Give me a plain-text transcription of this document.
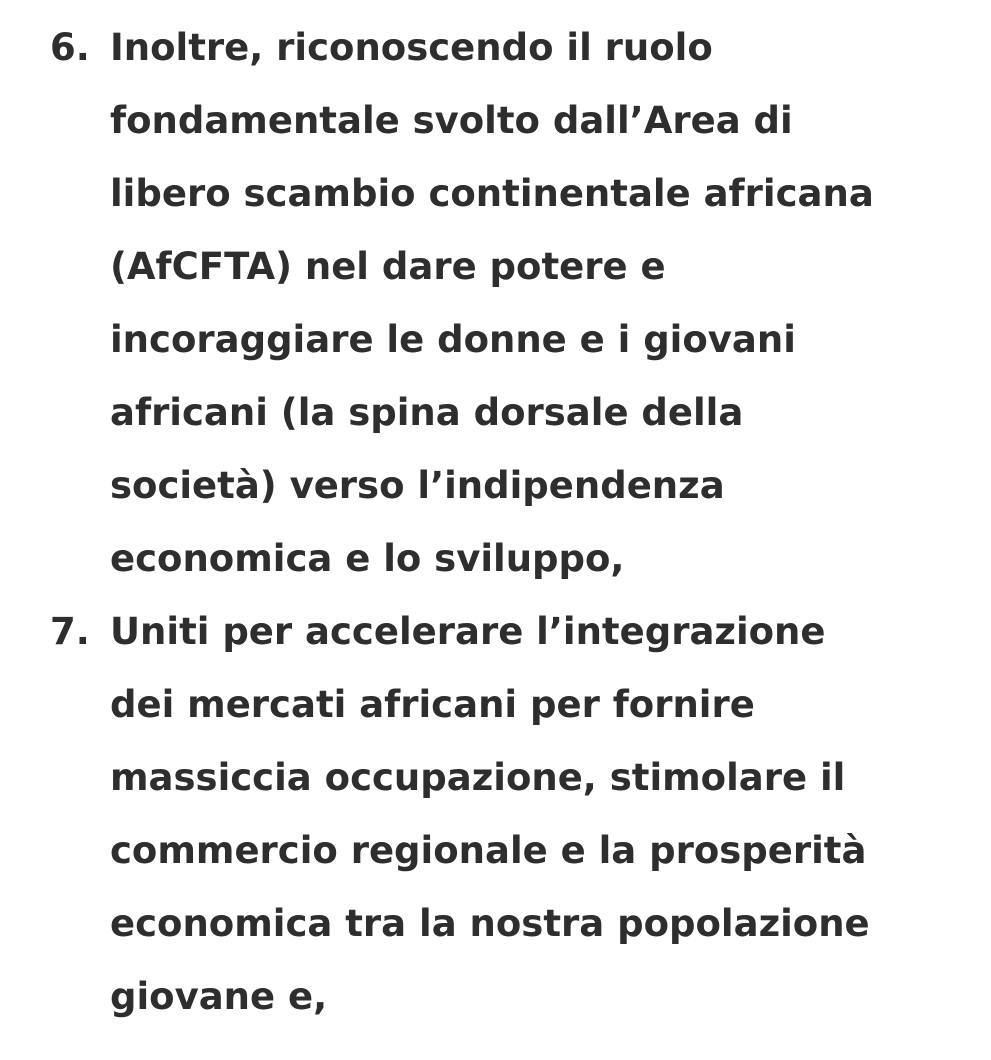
6. Inoltre, riconoscendo il ruolo
fondamentale svolto dall’Area di
libero scambio continentale africana
(AfCFTA) nel dare potere e
incoraggiare le donne e i giovani
africani (la spina dorsale della
società) verso l’indipendenza
economica e lo sviluppo,
7. Uniti per accelerare l’integrazione
dei mercati africani per fornire
massiccia occupazione, stimolare il
commercio regionale e la prosperità
economica tra la nostra popolazione
giovane e,
